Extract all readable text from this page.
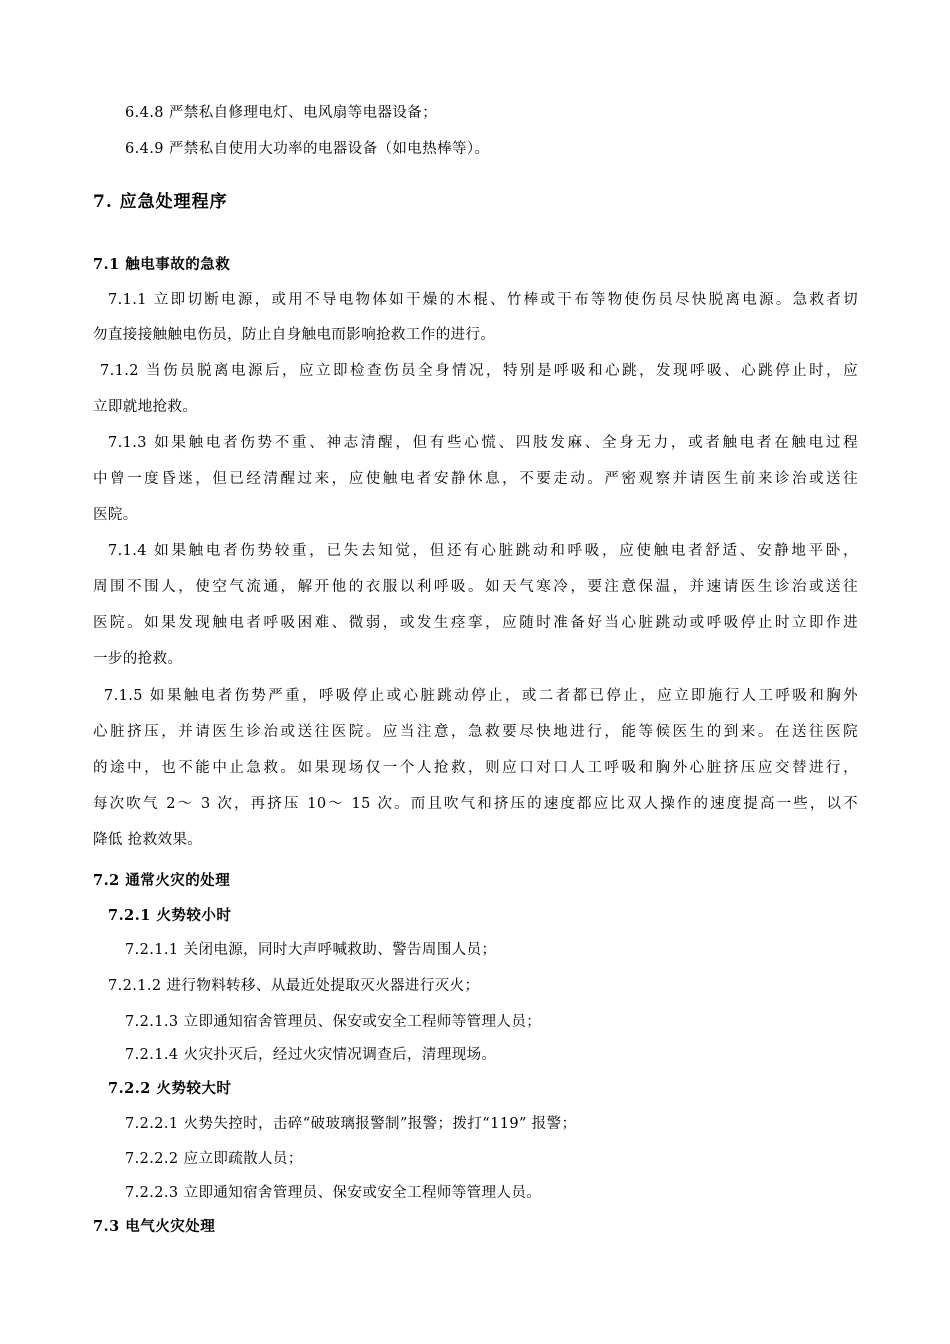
6.4.8 严禁私自修理电灯、电风扇等电器设备；
6.4.9 严禁私自使用大功率的电器设备（如电热棒等）。
7. 应急处理程序
7.1 触电事故的急救
7.1.1 立即切断电源，或用不导电物体如干燥的木棍、竹棒或干布等物使伤员尽快脱离电源。急救者切
勿直接接触触电伤员，防止自身触电而影响抢救工作的进行。
7.1.2 当伤员脱离电源后，应立即检查伤员全身情况，特别是呼吸和心跳，发现呼吸、心跳停止时，应
立即就地抢救。
7.1.3 如果触电者伤势不重、神志清醒，但有些心慌、四肢发麻、全身无力，或者触电者在触电过程
中曾一度昏迷，但已经清醒过来，应使触电者安静休息，不要走动。严密观察并请医生前来诊治或送往
医院。
7.1.4 如果触电者伤势较重，已失去知觉，但还有心脏跳动和呼吸，应使触电者舒适、安静地平卧，
周围不围人，使空气流通，解开他的衣服以利呼吸。如天气寒冷，要注意保温，并速请医生诊治或送往
医院。如果发现触电者呼吸困难、微弱，或发生痉挛，应随时准备好当心脏跳动或呼吸停止时立即作进
一步的抢救。
7.1.5 如果触电者伤势严重，呼吸停止或心脏跳动停止，或二者都已停止，应立即施行人工呼吸和胸外
心脏挤压，并请医生诊治或送往医院。应当注意，急救要尽快地进行，能等候医生的到来。在送往医院
的途中，也不能中止急救。如果现场仅一个人抢救，则应口对口人工呼吸和胸外心脏挤压应交替进行，
每次吹气 2～ 3 次，再挤压 10～ 15 次。而且吹气和挤压的速度都应比双人操作的速度提高一些，以不
降低 抢救效果。
7.2 通常火灾的处理
7.2.1 火势较小时
7.2.1.1 关闭电源，同时大声呼喊救助、警告周围人员；
7.2.1.2 进行物料转移、从最近处提取灭火器进行灭火；
7.2.1.3 立即通知宿舍管理员、保安或安全工程师等管理人员；
7.2.1.4 火灾扑灭后，经过火灾情况调查后，清理现场。
7.2.2 火势较大时
7.2.2.1 火势失控时，击碎“破玻璃报警制”报警；拨打“119” 报警；
7.2.2.2 应立即疏散人员；
7.2.2.3 立即通知宿舍管理员、保安或安全工程师等管理人员。
7.3 电气火灾处理
